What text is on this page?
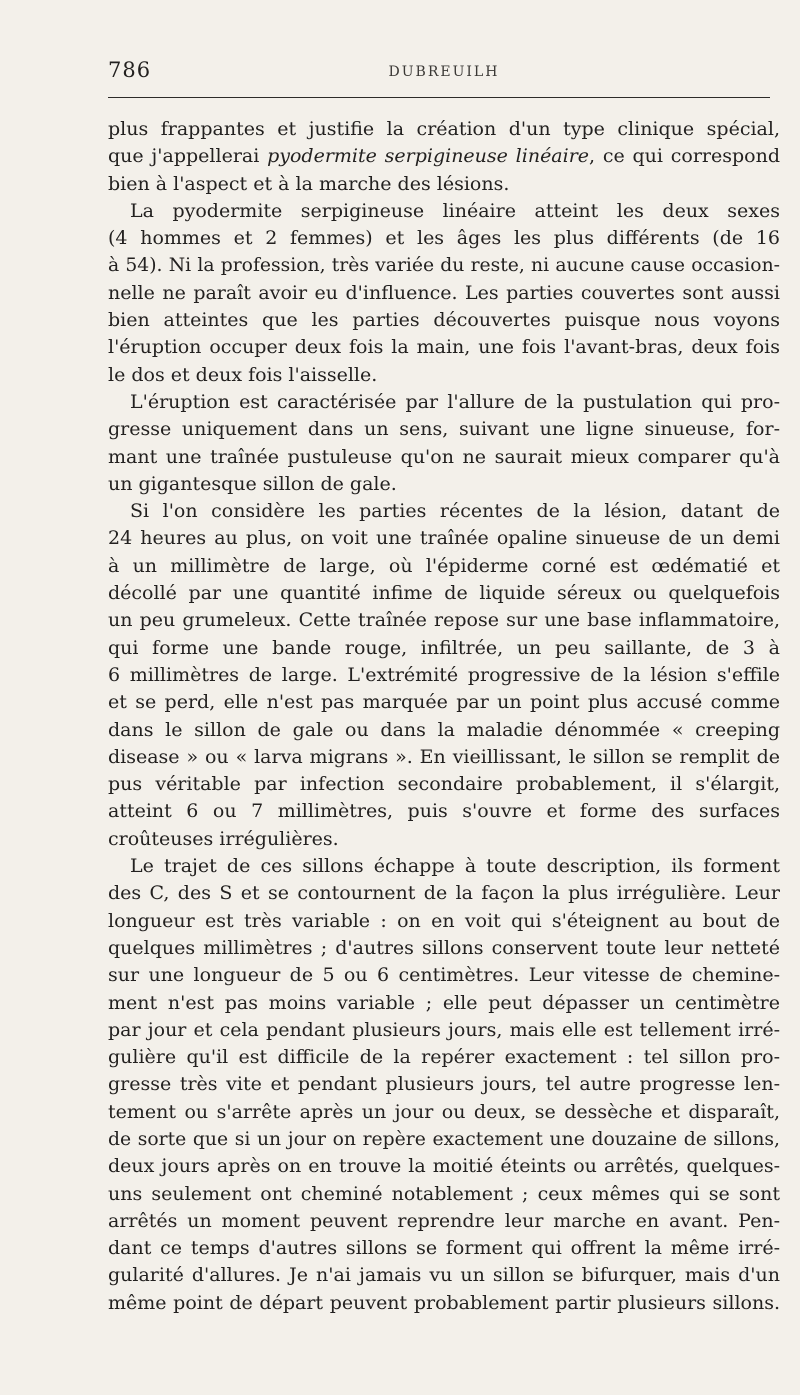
786	DUBREUILH
plus frappantes et justifie la création d'un type clinique spécial,
que j'appellerai pyodermite serpigineuse linéaire, ce qui correspond
bien à l'aspect et à la marche des lésions.
La pyodermite serpigineuse linéaire atteint les deux sexes
(4 hommes et 2 femmes) et les âges les plus différents (de 16
à 54). Ni la profession, très variée du reste, ni aucune cause occasion-
nelle ne paraît avoir eu d'influence. Les parties couvertes sont aussi
bien atteintes que les parties découvertes puisque nous voyons
l'éruption occuper deux fois la main, une fois l'avant-bras, deux fois
le dos et deux fois l'aisselle.
L'éruption est caractérisée par l'allure de la pustulation qui pro-
gresse uniquement dans un sens, suivant une ligne sinueuse, for-
mant une traînée pustuleuse qu'on ne saurait mieux comparer qu'à
un gigantesque sillon de gale.
Si l'on considère les parties récentes de la lésion, datant de
24 heures au plus, on voit une traînée opaline sinueuse de un demi
à un millimètre de large, où l'épiderme corné est œdématié et
décollé par une quantité infime de liquide séreux ou quelquefois
un peu grumeleux. Cette traînée repose sur une base inflammatoire,
qui forme une bande rouge, infiltrée, un peu saillante, de 3 à
6 millimètres de large. L'extrémité progressive de la lésion s'effile
et se perd, elle n'est pas marquée par un point plus accusé comme
dans le sillon de gale ou dans la maladie dénommée « creeping
disease » ou « larva migrans ». En vieillissant, le sillon se remplit de
pus véritable par infection secondaire probablement, il s'élargit,
atteint 6 ou 7 millimètres, puis s'ouvre et forme des surfaces
croûteuses irrégulières.
Le trajet de ces sillons échappe à toute description, ils forment
des C, des S et se contournent de la façon la plus irrégulière. Leur
longueur est très variable : on en voit qui s'éteignent au bout de
quelques millimètres ; d'autres sillons conservent toute leur netteté
sur une longueur de 5 ou 6 centimètres. Leur vitesse de chemine-
ment n'est pas moins variable ; elle peut dépasser un centimètre
par jour et cela pendant plusieurs jours, mais elle est tellement irré-
gulière qu'il est difficile de la repérer exactement : tel sillon pro-
gresse très vite et pendant plusieurs jours, tel autre progresse len-
tement ou s'arrête après un jour ou deux, se dessèche et disparaît,
de sorte que si un jour on repère exactement une douzaine de sillons,
deux jours après on en trouve la moitié éteints ou arrêtés, quelques-
uns seulement ont cheminé notablement ; ceux mêmes qui se sont
arrêtés un moment peuvent reprendre leur marche en avant. Pen-
dant ce temps d'autres sillons se forment qui offrent la même irré-
gularité d'allures. Je n'ai jamais vu un sillon se bifurquer, mais d'un
même point de départ peuvent probablement partir plusieurs sillons.
